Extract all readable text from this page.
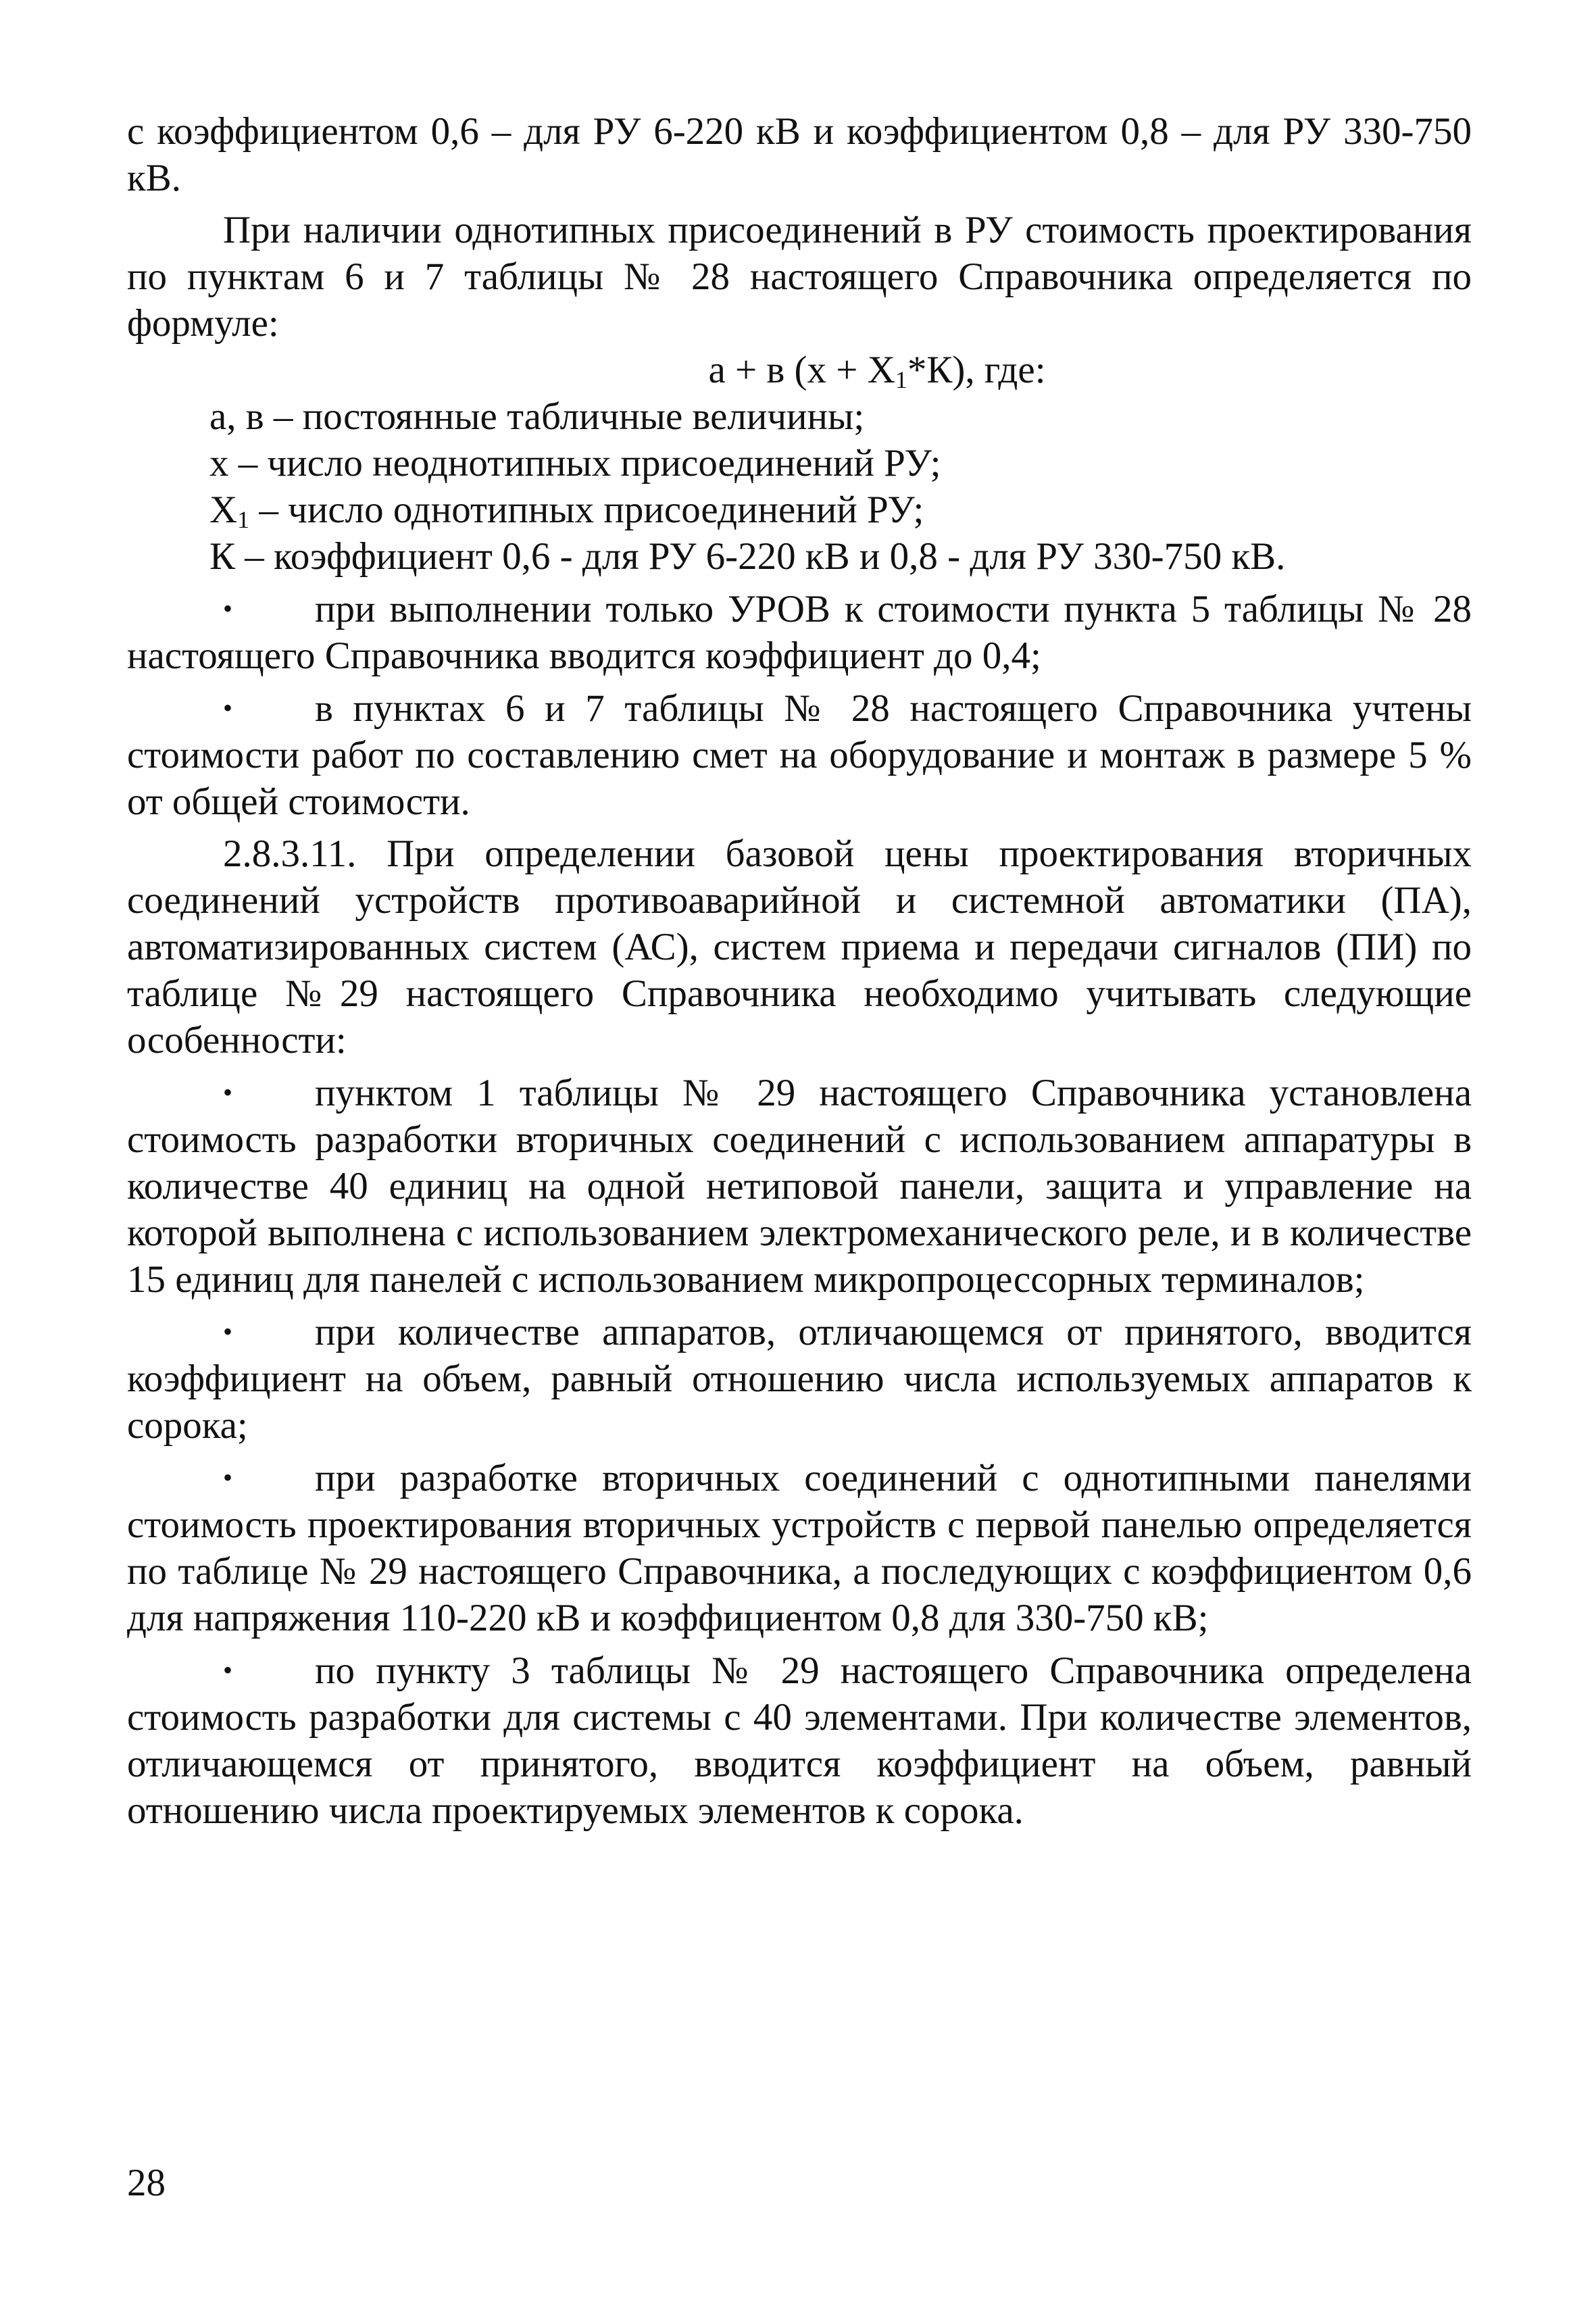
с коэффициентом 0,6 – для РУ 6-220 кВ и коэффициентом 0,8 – для РУ 330-750 кВ.

При наличии однотипных присоединений в РУ стоимость проектирования по пунктам 6 и 7 таблицы № 28 настоящего Справочника определяется по формуле:

а + в $(х + Х_1*К)$, где:

а, в – постоянные табличные величины;

х – число неоднотипных присоединений РУ;

$Х_1$ – число однотипных присоединений РУ;

К – коэффициент 0,6 - для РУ 6-220 кВ и 0,8 - для РУ 330-750 кВ.

• при выполнении только УРОВ к стоимости пункта 5 таблицы № 28 настоящего Справочника вводится коэффициент до 0,4;

• в пунктах 6 и 7 таблицы № 28 настоящего Справочника учтены стоимости работ по составлению смет на оборудование и монтаж в размере 5 % от общей стоимости.

2.8.3.11. При определении базовой цены проектирования вторичных соединений устройств противоаварийной и системной автоматики (ПА), автоматизированных систем (АС), систем приема и передачи сигналов (ПИ) по таблице №29 настоящего Справочника необходимо учитывать следующие особенности:

• пунктом 1 таблицы № 29 настоящего Справочника установлена стоимость разработки вторичных соединений с использованием аппаратуры в количестве 40 единиц на одной нетиповой панели, защита и управление на которой выполнена с использованием электромеханического реле, и в количестве 15 единиц для панелей с использованием микропроцессорных терминалов;

• при количестве аппаратов, отличающемся от принятого, вводится коэффициент на объем, равный отношению числа используемых аппаратов к сорока;

• при разработке вторичных соединений с однотипными панелями стоимость проектирования вторичных устройств с первой панелью определяется по таблице № 29 настоящего Справочника, а последующих с коэффициентом 0,6 для напряжения 110-220 кВ и коэффициентом 0,8 для 330-750 кВ;

• по пункту 3 таблицы № 29 настоящего Справочника определена стоимость разработки для системы с 40 элементами. При количестве элементов, отличающемся от принятого, вводится коэффициент на объем, равный отношению числа проектируемых элементов к сорока.

28
